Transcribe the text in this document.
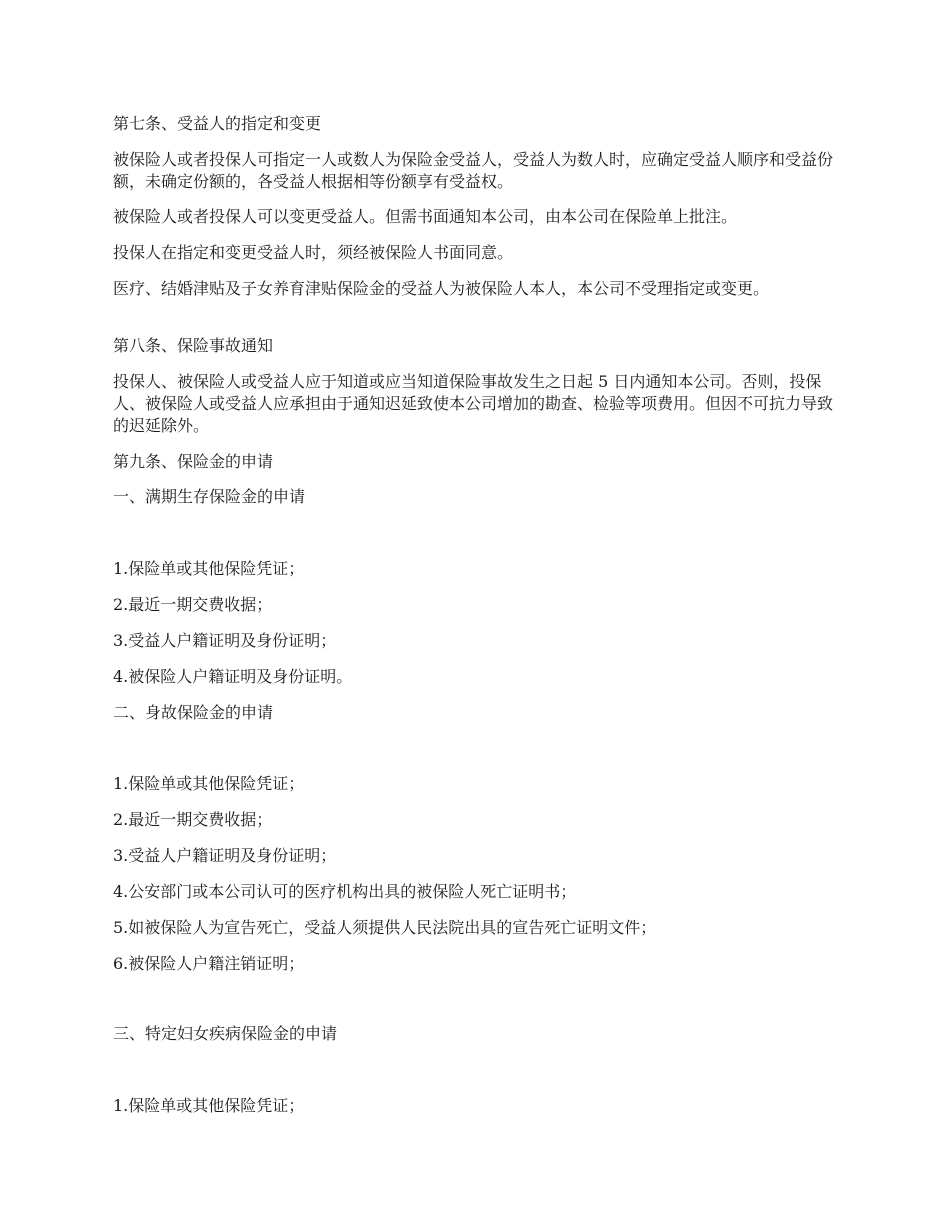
第七条、受益人的指定和变更

被保险人或者投保人可指定一人或数人为保险金受益人，受益人为数人时，应确定受益人顺序和受益份额，未确定份额的，各受益人根据相等份额享有受益权。

被保险人或者投保人可以变更受益人。但需书面通知本公司，由本公司在保险单上批注。

投保人在指定和变更受益人时，须经被保险人书面同意。

医疗、结婚津贴及子女养育津贴保险金的受益人为被保险人本人，本公司不受理指定或变更。

第八条、保险事故通知

投保人、被保险人或受益人应于知道或应当知道保险事故发生之日起 5 日内通知本公司。否则，投保人、被保险人或受益人应承担由于通知迟延致使本公司增加的勘查、检验等项费用。但因不可抗力导致的迟延除外。

第九条、保险金的申请

一、满期生存保险金的申请

1.保险单或其他保险凭证；

2.最近一期交费收据；

3.受益人户籍证明及身份证明；

4.被保险人户籍证明及身份证明。

二、身故保险金的申请

1.保险单或其他保险凭证；

2.最近一期交费收据；

3.受益人户籍证明及身份证明；

4.公安部门或本公司认可的医疗机构出具的被保险人死亡证明书；

5.如被保险人为宣告死亡，受益人须提供人民法院出具的宣告死亡证明文件；

6.被保险人户籍注销证明；

三、特定妇女疾病保险金的申请

1.保险单或其他保险凭证；
